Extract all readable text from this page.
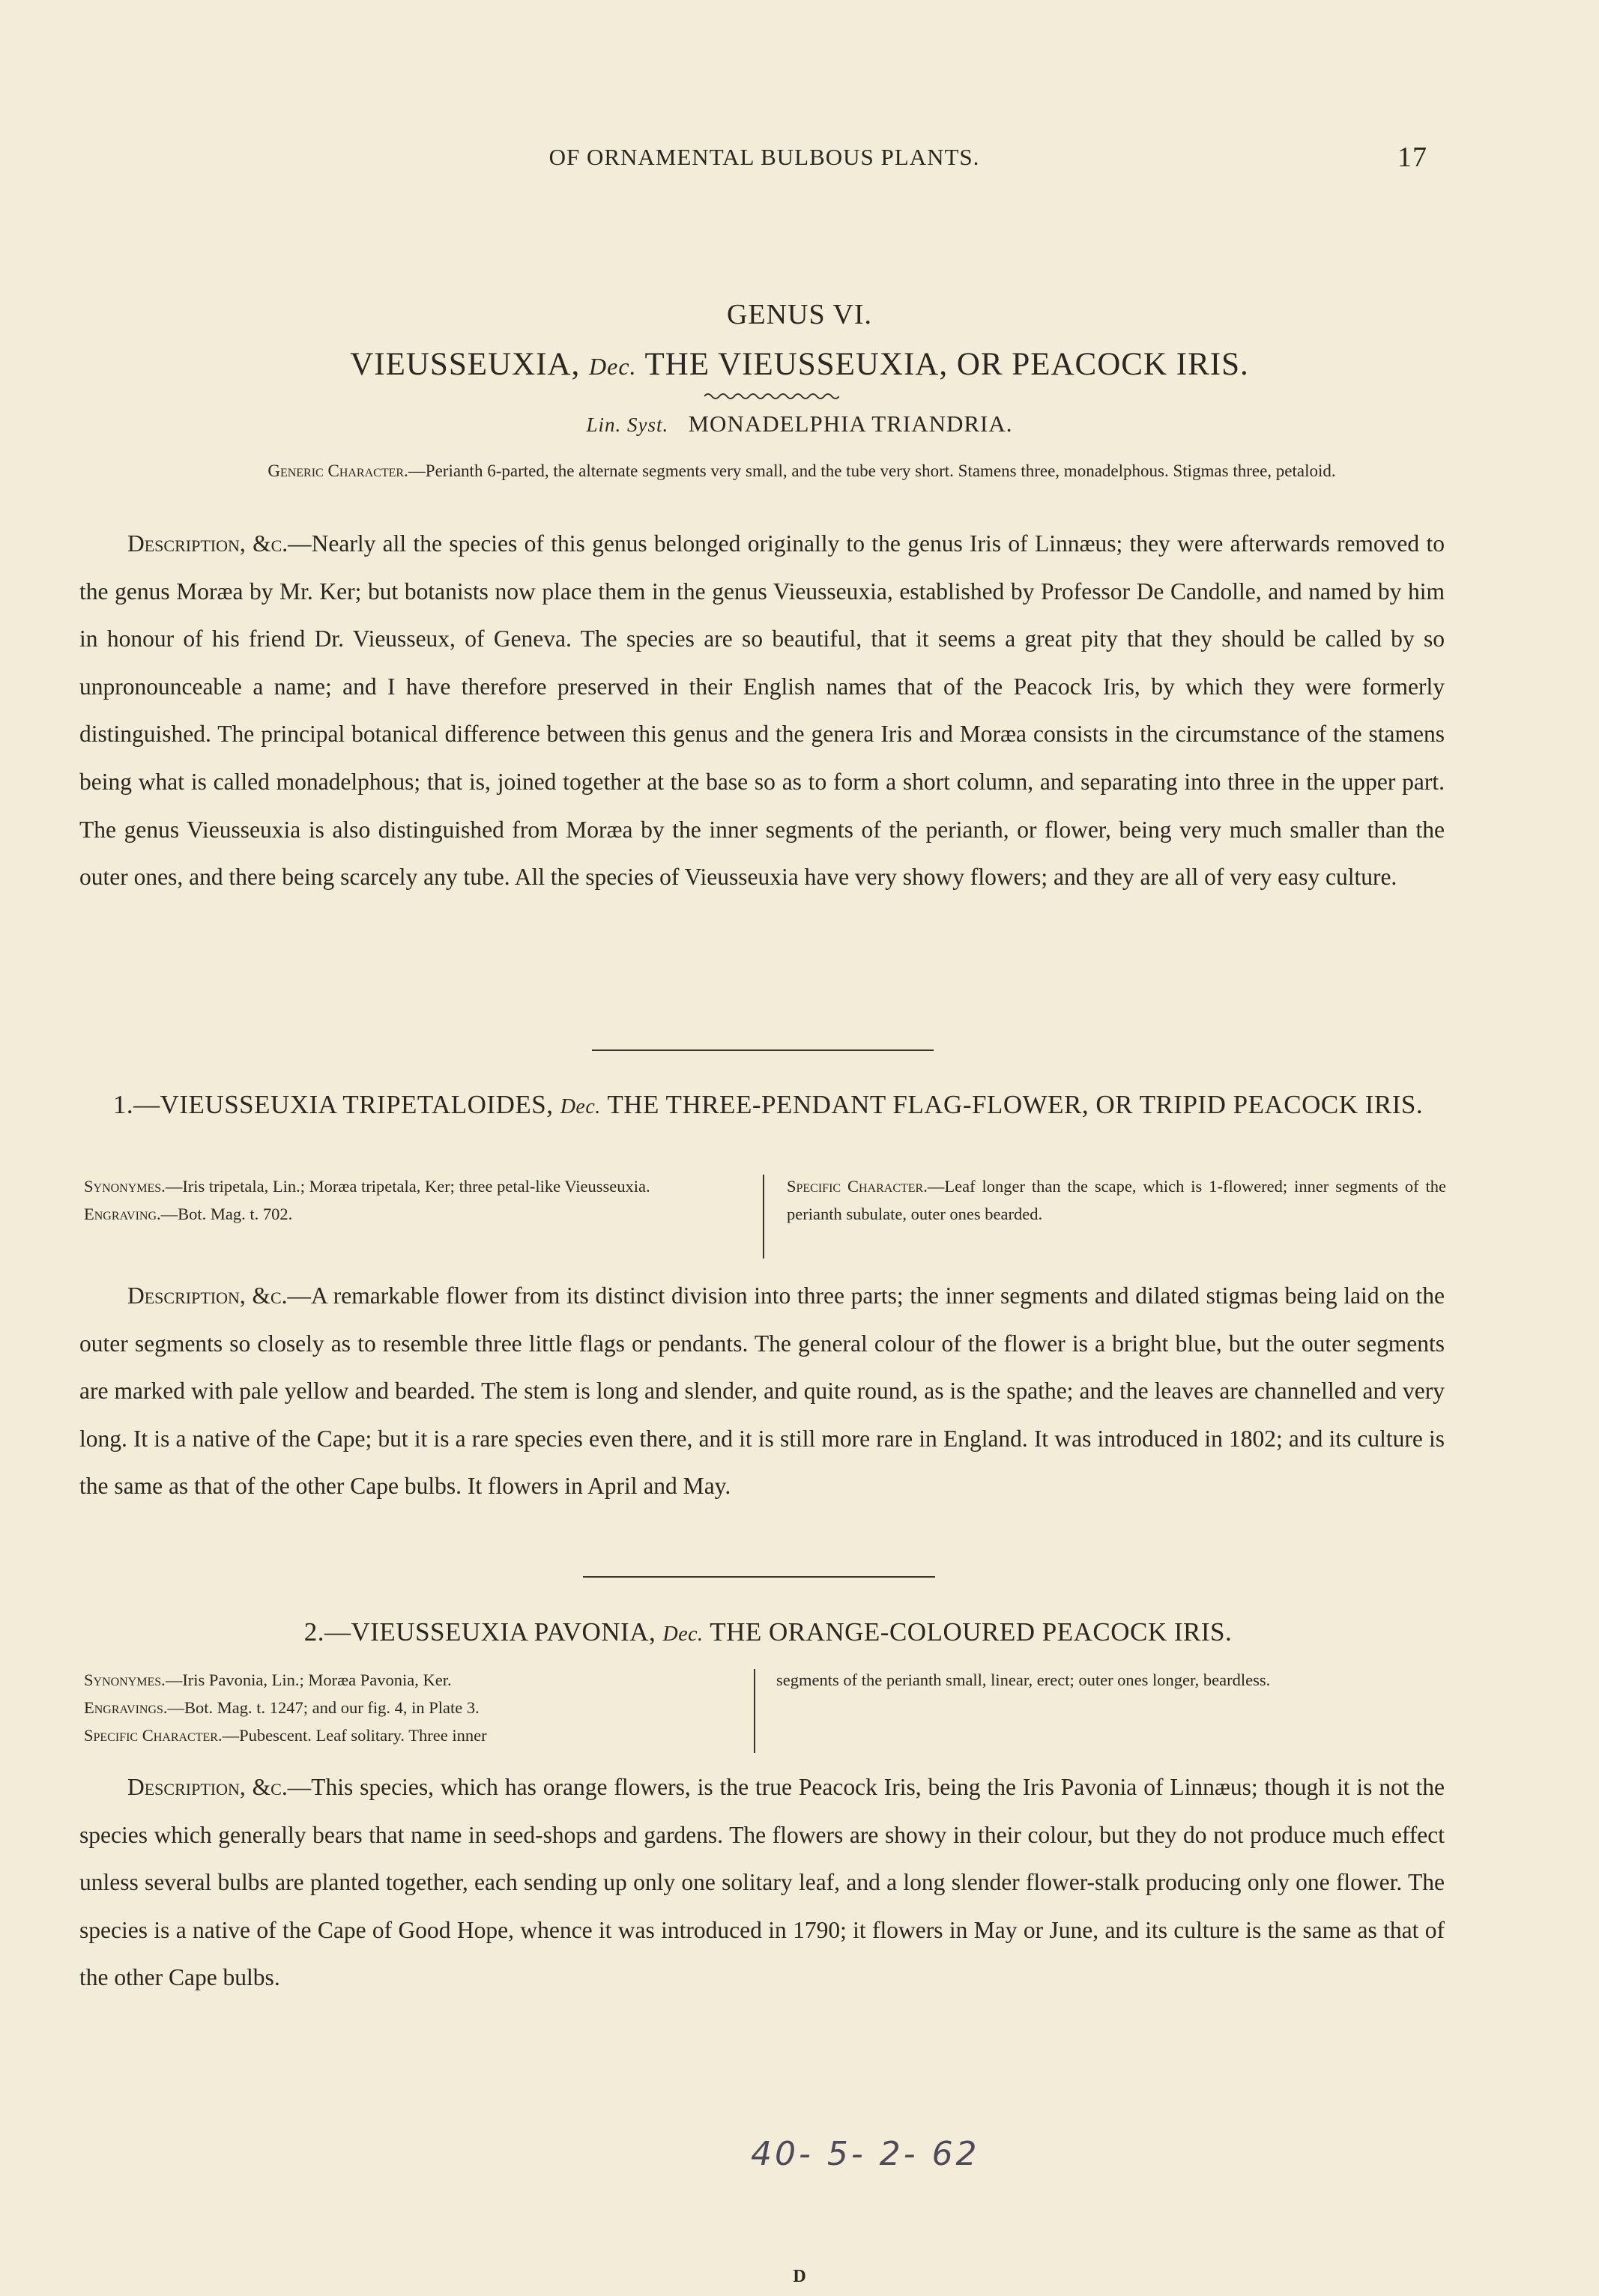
OF ORNAMENTAL BULBOUS PLANTS.	17
GENUS VI.
VIEUSSEUXIA, Dec. THE VIEUSSEUXIA, OR PEACOCK IRIS.
Lin. Syst. MONADELPHIA TRIANDRIA.
Generic Character.—Perianth 6-parted, the alternate segments very small, and the tube very short. Stamens three, monadelphous. Stigmas three, petaloid.
Description, &c.—Nearly all the species of this genus belonged originally to the genus Iris of Linnæus; they were afterwards removed to the genus Moræa by Mr. Ker; but botanists now place them in the genus Vieusseuxia, established by Professor De Candolle, and named by him in honour of his friend Dr. Vieusseux, of Geneva. The species are so beautiful, that it seems a great pity that they should be called by so unpronounceable a name; and I have therefore preserved in their English names that of the Peacock Iris, by which they were formerly distinguished. The principal botanical difference between this genus and the genera Iris and Moræa consists in the circumstance of the stamens being what is called monadelphous; that is, joined together at the base so as to form a short column, and separating into three in the upper part. The genus Vieusseuxia is also distinguished from Moræa by the inner segments of the perianth, or flower, being very much smaller than the outer ones, and there being scarcely any tube. All the species of Vieusseuxia have very showy flowers; and they are all of very easy culture.
1.—VIEUSSEUXIA TRIPETALOIDES, Dec. THE THREE-PENDANT FLAG-FLOWER, OR TRIPID PEACOCK IRIS.
Synonymes.—Iris tripetala, Lin.; Moræa tripetala, Ker; three petal-like Vieusseuxia.
Engraving.—Bot. Mag. t. 702.
Specific Character.—Leaf longer than the scape, which is 1-flowered; inner segments of the perianth subulate, outer ones bearded.
Description, &c.—A remarkable flower from its distinct division into three parts; the inner segments and dilated stigmas being laid on the outer segments so closely as to resemble three little flags or pendants. The general colour of the flower is a bright blue, but the outer segments are marked with pale yellow and bearded. The stem is long and slender, and quite round, as is the spathe; and the leaves are channelled and very long. It is a native of the Cape; but it is a rare species even there, and it is still more rare in England. It was introduced in 1802; and its culture is the same as that of the other Cape bulbs. It flowers in April and May.
2.—VIEUSSEUXIA PAVONIA, Dec. THE ORANGE-COLOURED PEACOCK IRIS.
Synonymes.—Iris Pavonia, Lin.; Moræa Pavonia, Ker.
Engravings.—Bot. Mag. t. 1247; and our fig. 4, in Plate 3.
Specific Character.—Pubescent. Leaf solitary. Three inner
segments of the perianth small, linear, erect; outer ones longer, beardless.
Description, &c.—This species, which has orange flowers, is the true Peacock Iris, being the Iris Pavonia of Linnæus; though it is not the species which generally bears that name in seed-shops and gardens. The flowers are showy in their colour, but they do not produce much effect unless several bulbs are planted together, each sending up only one solitary leaf, and a long slender flower-stalk producing only one flower. The species is a native of the Cape of Good Hope, whence it was introduced in 1790; it flowers in May or June, and its culture is the same as that of the other Cape bulbs.
40- 5- 2- 62
D
